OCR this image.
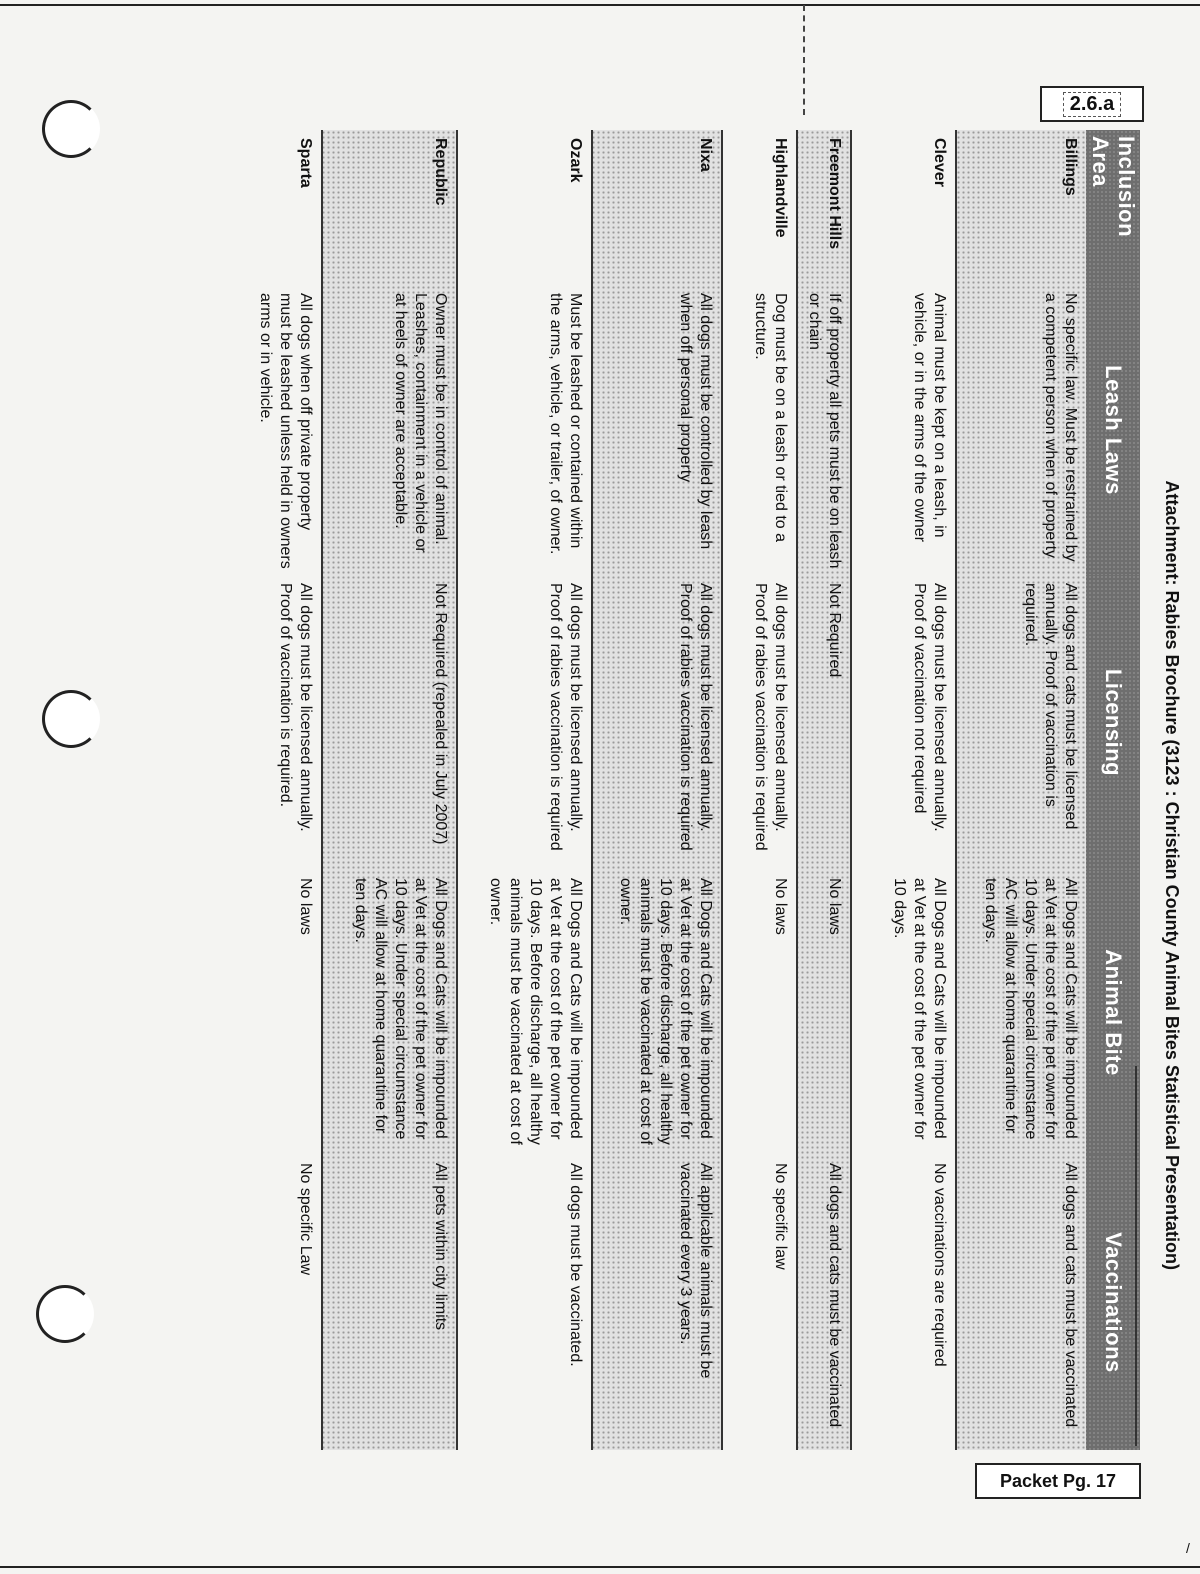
2.6.a
Attachment: Rabies Brochure (3123 : Christian County Animal Bites Statistical Presentation)
Inclusion Area	Leash Laws	Licensing	Animal Bite	Vaccinations
Billings	No specific law. Must be restrained by a competent person when of property	All dogs and cats must be licensed annually. Proof of vaccination is required.	All Dogs and Cats will be impounded at Vet at the cost of the pet owner for 10 days. Under special circumstance AC will allow at home quarantine for ten days.	All dogs and cats must be vaccinated
Clever	Animal must be kept on a leash, in vehicle, or in the arms of the owner	All dogs must be licensed annually. Proof of vaccination not required	All Dogs and Cats will be impounded at Vet at the cost of the pet owner for 10 days.	No vaccinations are required
Freemont Hills	If off property all pets must be on leash or chain	Not Required	No laws	All dogs and cats must be vaccinated
Highlandville	Dog must be on a leash or tied to a structure.	All dogs must be licensed annually. Proof of rabies vaccination is required	No laws	No specific law
Nixa	All dogs must be controlled by leash when off personal property	All dogs must be licensed annually. Proof of rabies vaccination is required	All Dogs and Cats will be impounded at Vet at the cost of the pet owner for 10 days. Before discharge, all healthy animals must be vaccinated at cost of owner.	All applicable animals must be vaccinated every 3 years.
Ozark	Must be leashed or contained within the arms, vehicle, or trailer, of owner.	All dogs must be licensed annually. Proof of rabies vaccination is required	All Dogs and Cats will be impounded at Vet at the cost of the pet owner for 10 days. Before discharge, all healthy animals must be vaccinated at cost of owner.	All dogs must be vaccinated.
Republic	Owner must be in control of animal. Leashes, containment in a vehicle or at heels of owner are acceptable.	Not Required (repealed in July 2007)	All Dogs and Cats will be impounded at Vet at the cost of the pet owner for 10 days. Under special circumstance AC will allow at home quarantine for ten days.	All pets within city limits
Sparta	All dogs when off private property must be leashed unless held in owners arms or in vehicle.	All dogs must be licensed annually. Proof of vaccination is required.	No laws	No specific Law
Packet Pg. 17
/
